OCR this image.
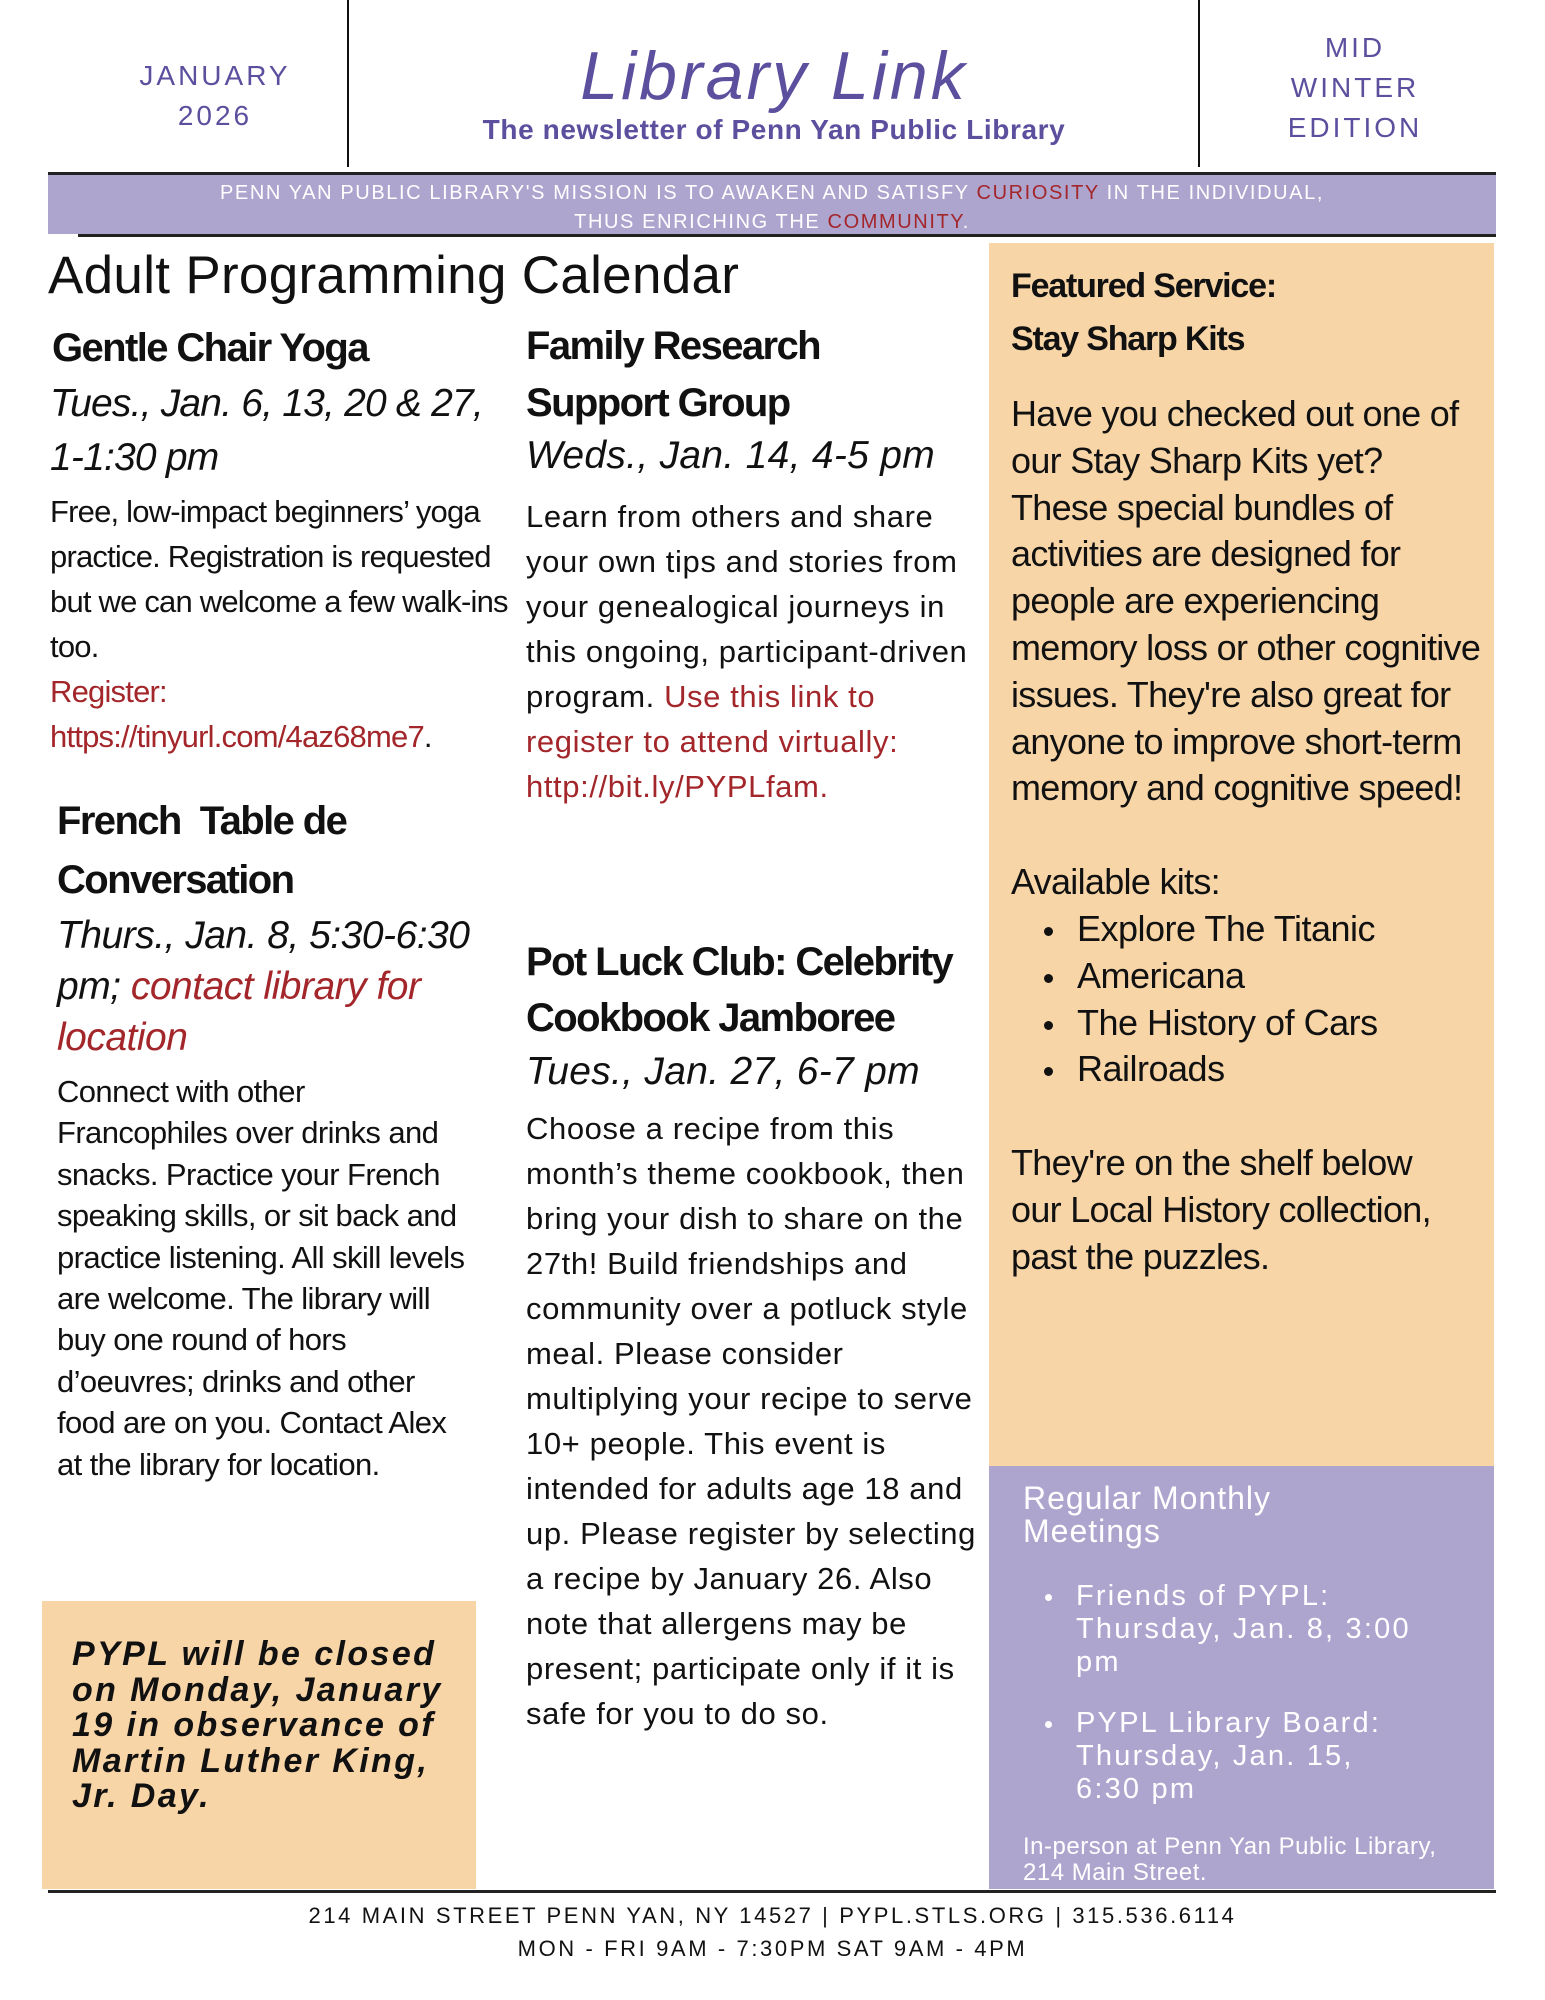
JANUARY
2026
Library Link
The newsletter of Penn Yan Public Library
MID
WINTER
EDITION
PENN YAN PUBLIC LIBRARY'S MISSION IS TO AWAKEN AND SATISFY CURIOSITY IN THE INDIVIDUAL,
THUS ENRICHING THE COMMUNITY.
Adult Programming Calendar
Gentle Chair Yoga
Tues., Jan. 6, 13, 20 & 27, 1-1:30 pm
Free, low-impact beginners’ yoga practice. Registration is requested but we can welcome a few walk-ins too.
Register:
https://tinyurl.com/4az68me7.
French  Table de Conversation
Thurs., Jan. 8, 5:30-6:30 pm; contact library for location
Connect with other Francophiles over drinks and snacks. Practice your French speaking skills, or sit back and practice listening. All skill levels are welcome. The library will buy one round of hors d’oeuvres; drinks and other food are on you. Contact Alex at the library for location.
PYPL will be closed on Monday, January 19 in observance of Martin Luther King, Jr. Day.
Family Research Support Group
Weds., Jan. 14, 4-5 pm
Learn from others and share your own tips and stories from your genealogical journeys in this ongoing, participant-driven program. Use this link to register to attend virtually: http://bit.ly/PYPLfam.
Pot Luck Club: Celebrity Cookbook Jamboree
Tues., Jan. 27, 6-7 pm
Choose a recipe from this month’s theme cookbook, then bring your dish to share on the 27th! Build friendships and community over a potluck style meal. Please consider multiplying your recipe to serve 10+ people. This event is intended for adults age 18 and up. Please register by selecting a recipe by January 26. Also note that allergens may be present; participate only if it is safe for you to do so.
Featured Service:
Stay Sharp Kits
Have you checked out one of our Stay Sharp Kits yet? These special bundles of activities are designed for people are experiencing memory loss or other cognitive issues. They're also great for anyone to improve short-term memory and cognitive speed!
Available kits:
Explore The Titanic
Americana
The History of Cars
Railroads
They're on the shelf below our Local History collection, past the puzzles.
Regular Monthly Meetings
Friends of PYPL: Thursday, Jan. 8, 3:00 pm
PYPL Library Board: Thursday, Jan. 15, 6:30 pm
In-person at Penn Yan Public Library, 214 Main Street.
214 MAIN STREET PENN YAN, NY 14527 | PYPL.STLS.ORG | 315.536.6114
MON - FRI 9AM - 7:30PM SAT 9AM - 4PM
